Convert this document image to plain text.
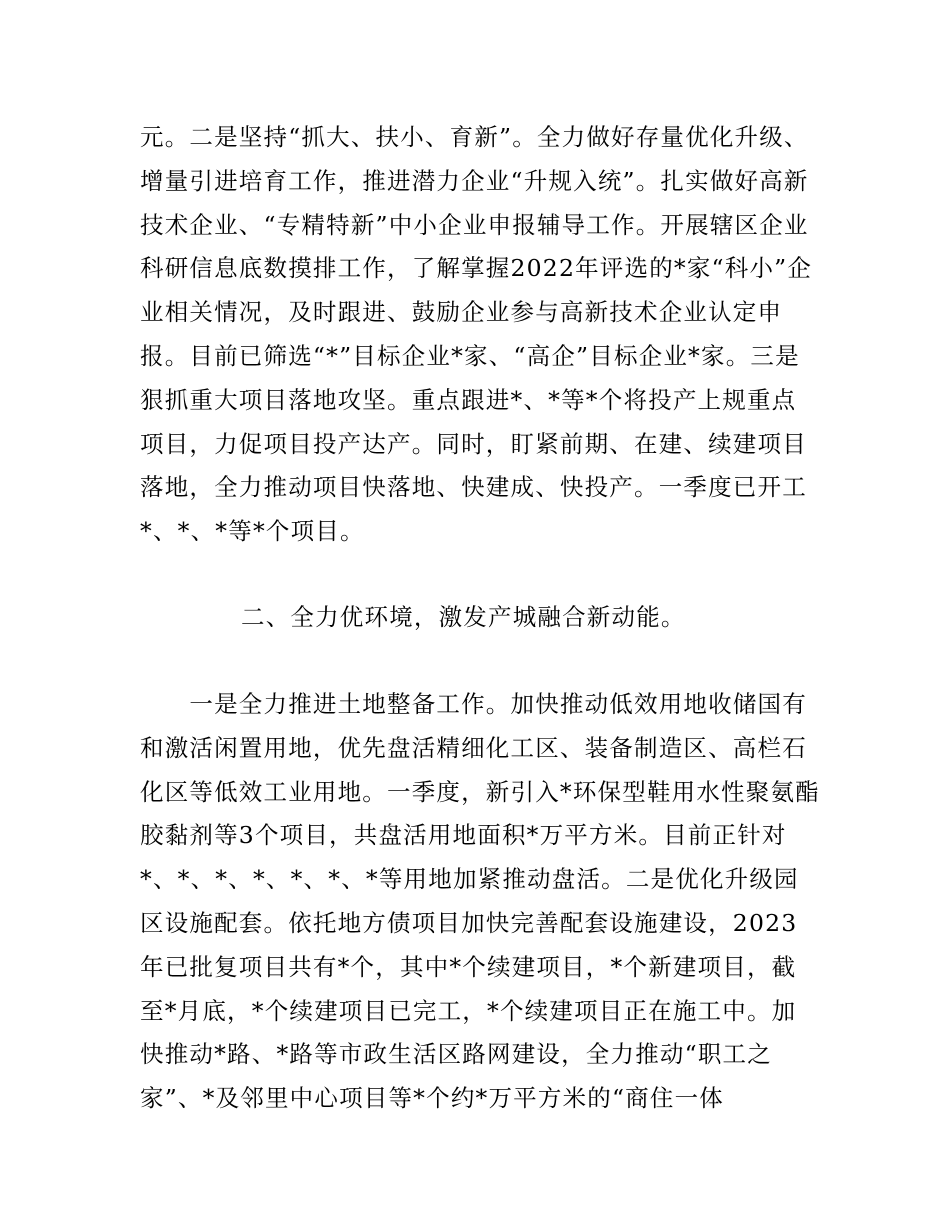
元。二是坚持“抓大、扶小、育新”。全力做好存量优化升级、增量引进培育工作，推进潜力企业“升规入统”。扎实做好高新技术企业、“专精特新”中小企业申报辅导工作。开展辖区企业科研信息底数摸排工作，了解掌握2022年评选的*家“科小”企业相关情况，及时跟进、鼓励企业参与高新技术企业认定申报。目前已筛选“*”目标企业*家、“高企”目标企业*家。三是狠抓重大项目落地攻坚。重点跟进*、*等*个将投产上规重点项目，力促项目投产达产。同时，盯紧前期、在建、续建项目落地，全力推动项目快落地、快建成、快投产。一季度已开工*、*、*等*个项目。

二、全力优环境，激发产城融合新动能。

　　一是全力推进土地整备工作。加快推动低效用地收储国有和激活闲置用地，优先盘活精细化工区、装备制造区、高栏石化区等低效工业用地。一季度，新引入*环保型鞋用水性聚氨酯胶黏剂等3个项目，共盘活用地面积*万平方米。目前正针对*、*、*、*、*、*、*等用地加紧推动盘活。二是优化升级园区设施配套。依托地方债项目加快完善配套设施建设，2023年已批复项目共有*个，其中*个续建项目，*个新建项目，截至*月底，*个续建项目已完工，*个续建项目正在施工中。加快推动*路、*路等市政生活区路网建设，全力推动“职工之家”、*及邻里中心项目等*个约*万平方米的“商住一体
